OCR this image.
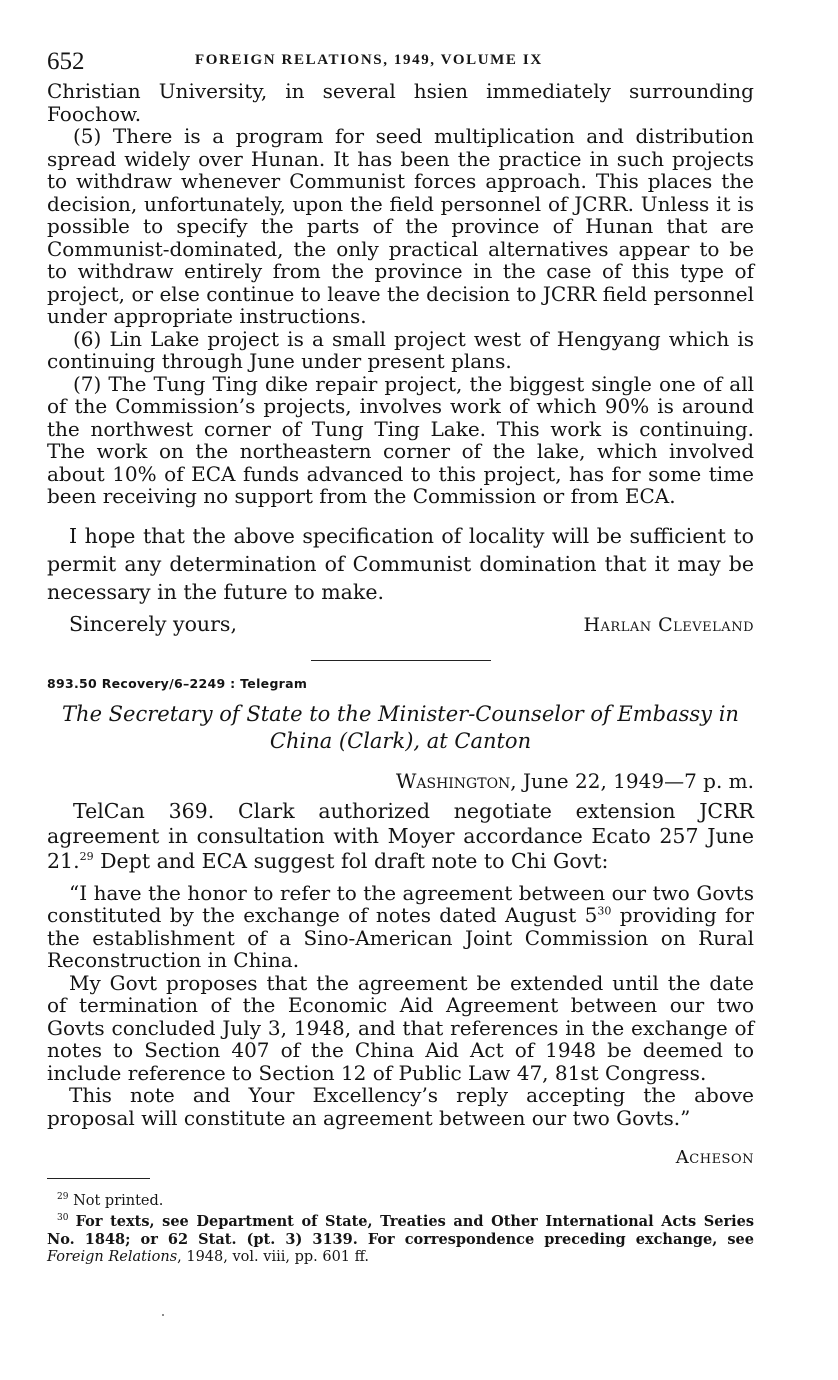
652	FOREIGN RELATIONS, 1949, VOLUME IX

Christian University, in several hsien immediately surrounding Foochow.

(5) There is a program for seed multiplication and distribution spread widely over Hunan. It has been the practice in such projects to withdraw whenever Communist forces approach. This places the decision, unfortunately, upon the field personnel of JCRR. Unless it is possible to specify the parts of the province of Hunan that are Communist-dominated, the only practical alternatives appear to be to withdraw entirely from the province in the case of this type of project, or else continue to leave the decision to JCRR field personnel under appropriate instructions.

(6) Lin Lake project is a small project west of Hengyang which is continuing through June under present plans.

(7) The Tung Ting dike repair project, the biggest single one of all of the Commission’s projects, involves work of which 90% is around the northwest corner of Tung Ting Lake. This work is continuing. The work on the northeastern corner of the lake, which involved about 10% of ECA funds advanced to this project, has for some time been receiving no support from the Commission or from ECA.

I hope that the above specification of locality will be sufficient to permit any determination of Communist domination that it may be necessary in the future to make.

Sincerely yours,	Harlan Cleveland
893.50 Recovery/6–2249 : Telegram
The Secretary of State to the Minister-Counselor of Embassy in China (Clark), at Canton
Washington, June 22, 1949—7 p. m.

TelCan 369. Clark authorized negotiate extension JCRR agreement in consultation with Moyer accordance Ecato 257 June 21.29 Dept and ECA suggest fol draft note to Chi Govt:

“I have the honor to refer to the agreement between our two Govts constituted by the exchange of notes dated August $5^{30}$ providing for the establishment of a Sino-American Joint Commission on Rural Reconstruction in China.

My Govt proposes that the agreement be extended until the date of termination of the Economic Aid Agreement between our two Govts concluded July 3, 1948, and that references in the exchange of notes to Section 407 of the China Aid Act of 1948 be deemed to include reference to Section 12 of Public Law 47, 81st Congress.

This note and Your Excellency’s reply accepting the above proposal will constitute an agreement between our two Govts.”

Acheson

$^{29}$ Not printed.

$^{30}$ For texts, see Department of State, Treaties and Other International Acts Series No. 1848; or 62 Stat. (pt. 3) 3139. For correspondence preceding exchange, see Foreign Relations, 1948, vol. viii, pp. 601 ff.
